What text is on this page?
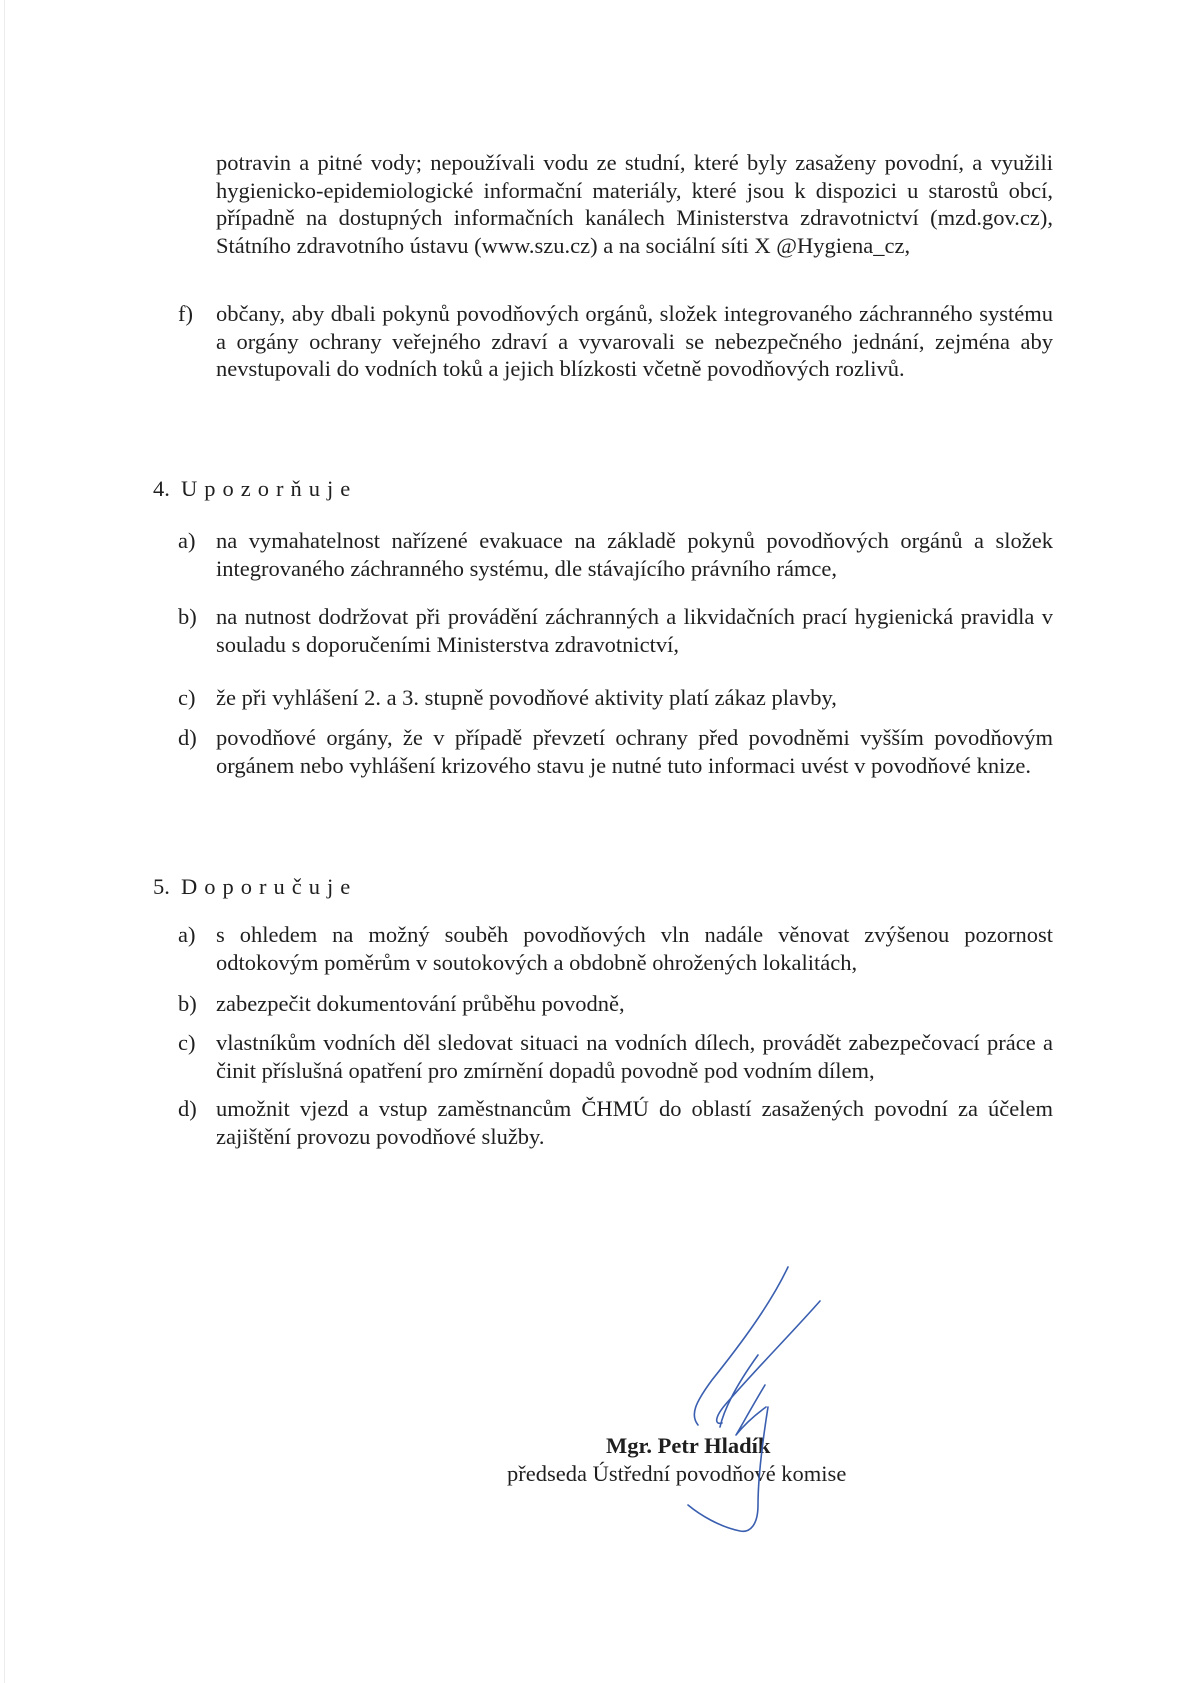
potravin a pitné vody; nepoužívali vodu ze studní, které byly zasaženy povodní, a využili hygienicko-epidemiologické informační materiály, které jsou k dispozici u starostů obcí, případně na dostupných informačních kanálech Ministerstva zdravotnictví (mzd.gov.cz), Státního zdravotního ústavu (www.szu.cz) a na sociální síti X @Hygiena_cz,

f)	občany, aby dbali pokynů povodňových orgánů, složek integrovaného záchranného systému a orgány ochrany veřejného zdraví a vyvarovali se nebezpečného jednání, zejména aby nevstupovali do vodních toků a jejich blízkosti včetně povodňových rozlivů.
4. Upozorňuje
a) na vymahatelnost nařízené evakuace na základě pokynů povodňových orgánů a složek integrovaného záchranného systému, dle stávajícího právního rámce,
b) na nutnost dodržovat při provádění záchranných a likvidačních prací hygienická pravidla v souladu s doporučeními Ministerstva zdravotnictví,
c) že při vyhlášení 2. a 3. stupně povodňové aktivity platí zákaz plavby,
d) povodňové orgány, že v případě převzetí ochrany před povodněmi vyšším povodňovým orgánem nebo vyhlášení krizového stavu je nutné tuto informaci uvést v povodňové knize.
5. Doporučuje
a) s ohledem na možný souběh povodňových vln nadále věnovat zvýšenou pozornost odtokovým poměrům v soutokových a obdobně ohrožených lokalitách,
b) zabezpečit dokumentování průběhu povodně,
c) vlastníkům vodních děl sledovat situaci na vodních dílech, provádět zabezpečovací práce a činit příslušná opatření pro zmírnění dopadů povodně pod vodním dílem,
d) umožnit vjezd a vstup zaměstnancům ČHMÚ do oblastí zasažených povodní za účelem zajištění provozu povodňové služby.
Mgr. Petr Hladík
předseda Ústřední povodňové komise
